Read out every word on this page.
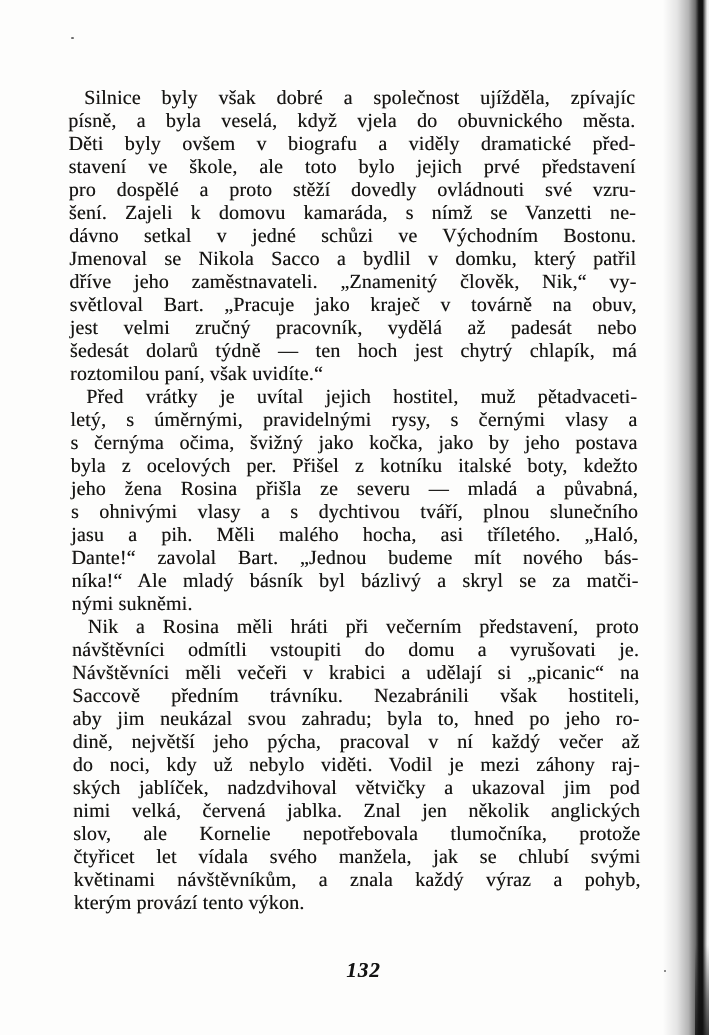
Silnice byly však dobré a společnost ujížděla, zpívajíc
písně, a byla veselá, když vjela do obuvnického města.
Děti byly ovšem v biografu a viděly dramatické před-
stavení ve škole, ale toto bylo jejich prvé představení
pro dospělé a proto stěží dovedly ovládnouti své vzru-
šení. Zajeli k domovu kamaráda, s nímž se Vanzetti ne-
dávno setkal v jedné schůzi ve Východním Bostonu.
Jmenoval se Nikola Sacco a bydlil v domku, který patřil
dříve jeho zaměstnavateli. „Znamenitý člověk, Nik,“ vy-
světloval Bart. „Pracuje jako kraječ v továrně na obuv,
jest velmi zručný pracovník, vydělá až padesát nebo
šedesát dolarů týdně — ten hoch jest chytrý chlapík, má
roztomilou paní, však uvidíte.“
Před vrátky je uvítal jejich hostitel, muž pětadvaceti-
letý, s úměrnými, pravidelnými rysy, s černými vlasy a
s černýma očima, švižný jako kočka, jako by jeho postava
byla z ocelových per. Přišel z kotníku italské boty, kdežto
jeho žena Rosina přišla ze severu — mladá a půvabná,
s ohnivými vlasy a s dychtivou tváří, plnou slunečního
jasu a pih. Měli malého hocha, asi tříletého. „Haló,
Dante!“ zavolal Bart. „Jednou budeme mít nového bás-
níka!“ Ale mladý básník byl bázlivý a skryl se za matči-
nými sukněmi.
Nik a Rosina měli hráti při večerním představení, proto
návštěvníci odmítli vstoupiti do domu a vyrušovati je.
Návštěvníci měli večeři v krabici a udělají si „picanic“ na
Saccově předním trávníku. Nezabránili však hostiteli,
aby jim neukázal svou zahradu; byla to, hned po jeho ro-
dině, největší jeho pýcha, pracoval v ní každý večer až
do noci, kdy už nebylo viděti. Vodil je mezi záhony raj-
ských jablíček, nadzdvihoval větvičky a ukazoval jim pod
nimi velká, červená jablka. Znal jen několik anglických
slov, ale Kornelie nepotřebovala tlumočníka, protože
čtyřicet let vídala svého manžela, jak se chlubí svými
květinami návštěvníkům, a znala každý výraz a pohyb,
kterým provází tento výkon.
132
